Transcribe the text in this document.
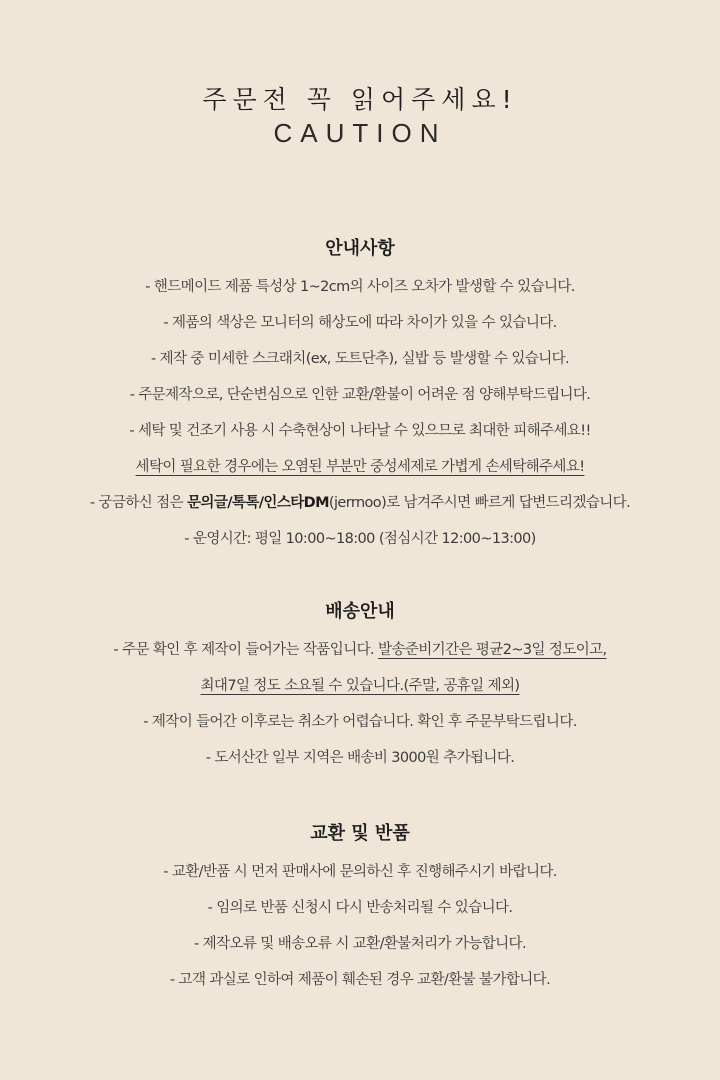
주문전 꼭 읽어주세요!
CAUTION
안내사항
- 핸드메이드 제품 특성상 1~2cm의 사이즈 오차가 발생할 수 있습니다.
- 제품의 색상은 모니터의 해상도에 따라 차이가 있을 수 있습니다.
- 제작 중 미세한 스크래치(ex, 도트단추), 실밥 등 발생할 수 있습니다.
- 주문제작으로, 단순변심으로 인한 교환/환불이 어려운 점 양해부탁드립니다.
- 세탁 및 건조기 사용 시 수축현상이 나타날 수 있으므로 최대한 피해주세요!!
세탁이 필요한 경우에는 오염된 부분만 중성세제로 가볍게 손세탁해주세요!
- 궁금하신 점은 문의글/톡톡/인스타DM(jerrnoo)로 남겨주시면 빠르게 답변드리겠습니다.
- 운영시간: 평일 10:00~18:00 (점심시간 12:00~13:00)
배송안내
- 주문 확인 후 제작이 들어가는 작품입니다. 발송준비기간은 평균2~3일 정도이고,
최대7일 정도 소요될 수 있습니다.(주말, 공휴일 제외)
- 제작이 들어간 이후로는 취소가 어렵습니다. 확인 후 주문부탁드립니다.
- 도서산간 일부 지역은 배송비 3000원 추가됩니다.
교환 및 반품
- 교환/반품 시 먼저 판매사에 문의하신 후 진행해주시기 바랍니다.
- 임의로 반품 신청시 다시 반송처리될 수 있습니다.
- 제작오류 및 배송오류 시 교환/환불처리가 가능합니다.
- 고객 과실로 인하여 제품이 훼손된 경우 교환/환불 불가합니다.
